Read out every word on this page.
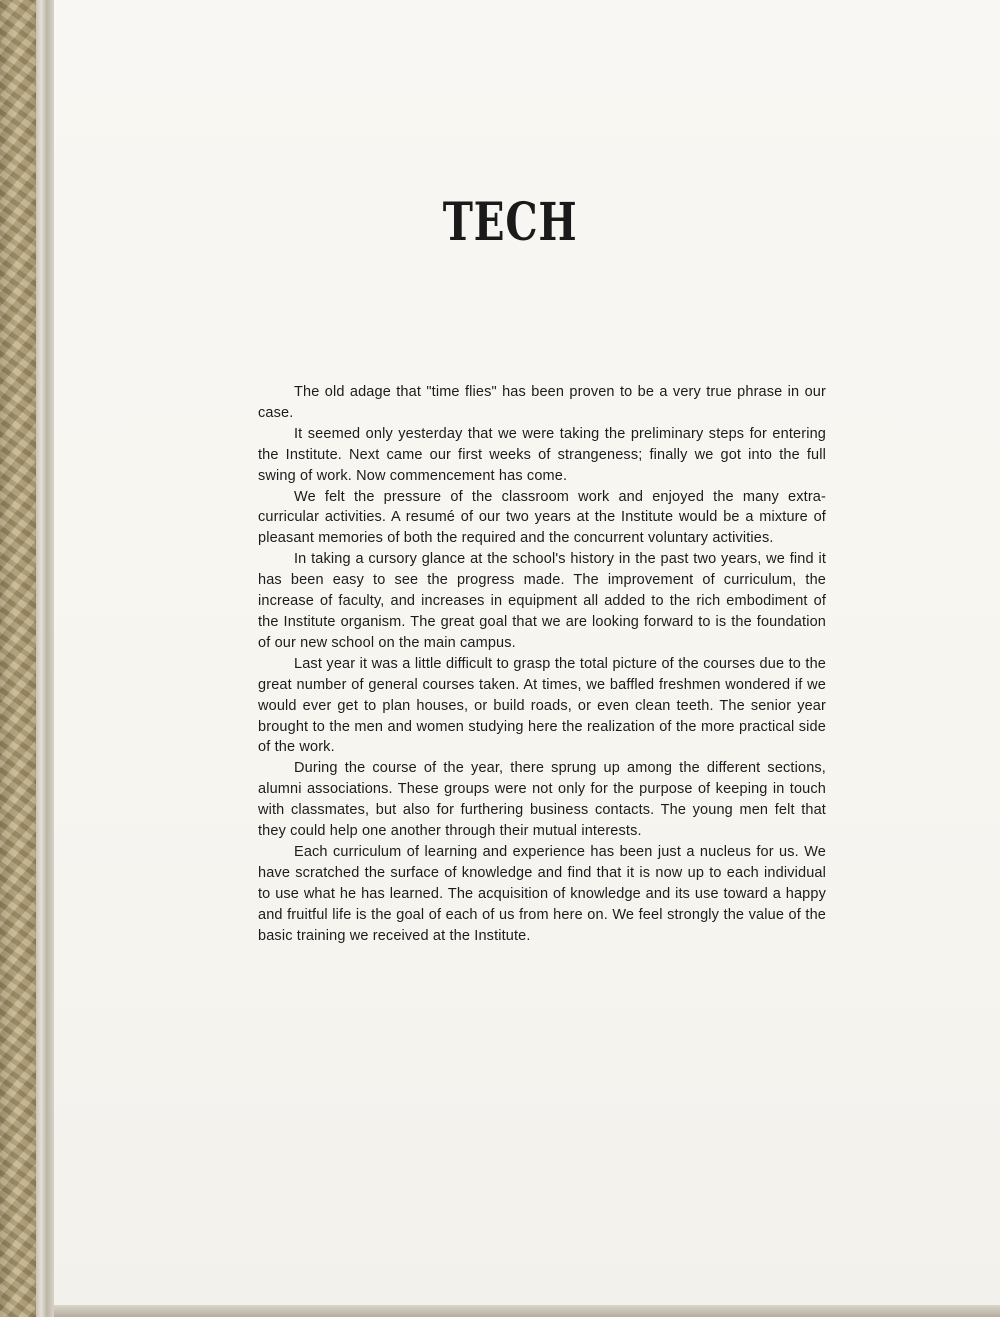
TECH

The old adage that "time flies" has been proven to be a very true phrase in our case.

It seemed only yesterday that we were taking the preliminary steps for entering the Institute. Next came our first weeks of strangeness; finally we got into the full swing of work. Now commencement has come.

We felt the pressure of the classroom work and enjoyed the many extra-curricular activities. A resumé of our two years at the Institute would be a mixture of pleasant memories of both the required and the concurrent voluntary activities.

In taking a cursory glance at the school's history in the past two years, we find it has been easy to see the progress made. The improvement of curriculum, the increase of faculty, and increases in equipment all added to the rich embodiment of the Institute organism. The great goal that we are looking forward to is the foundation of our new school on the main campus.

Last year it was a little difficult to grasp the total picture of the courses due to the great number of general courses taken. At times, we baffled freshmen wondered if we would ever get to plan houses, or build roads, or even clean teeth. The senior year brought to the men and women studying here the realization of the more practical side of the work.

During the course of the year, there sprung up among the different sections, alumni associations. These groups were not only for the purpose of keeping in touch with classmates, but also for furthering business contacts. The young men felt that they could help one another through their mutual interests.

Each curriculum of learning and experience has been just a nucleus for us. We have scratched the surface of knowledge and find that it is now up to each individual to use what he has learned. The acquisition of knowledge and its use toward a happy and fruitful life is the goal of each of us from here on. We feel strongly the value of the basic training we received at the Institute.
